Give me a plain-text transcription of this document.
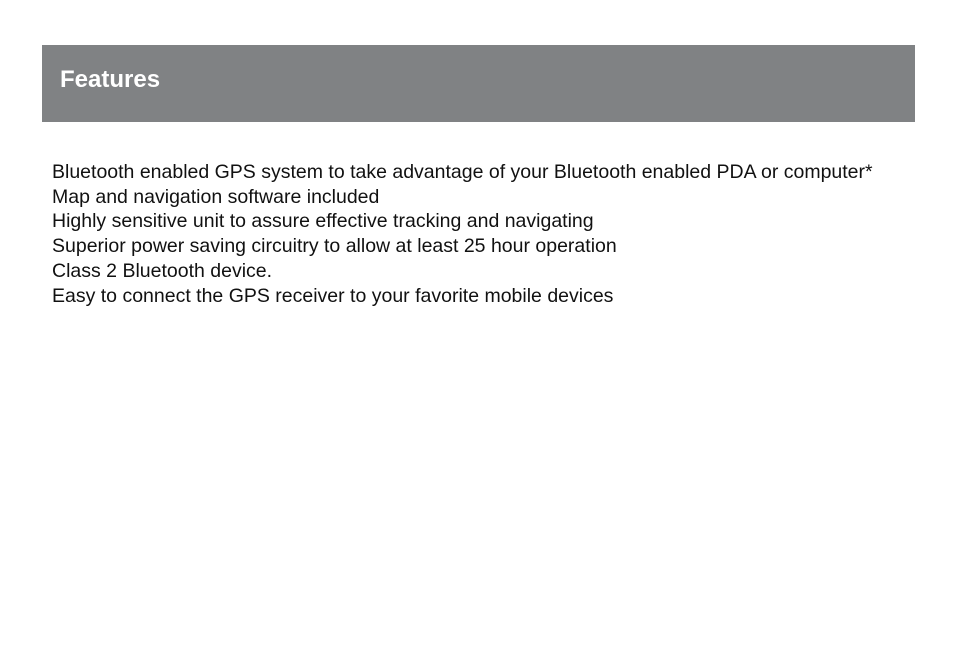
Features
Bluetooth enabled GPS system to take advantage of your Bluetooth enabled PDA or computer*
Map and navigation software included
Highly sensitive unit to assure effective tracking and navigating
Superior power saving circuitry to allow at least 25 hour operation
Class 2 Bluetooth device.
Easy to connect the GPS receiver to your favorite mobile devices
